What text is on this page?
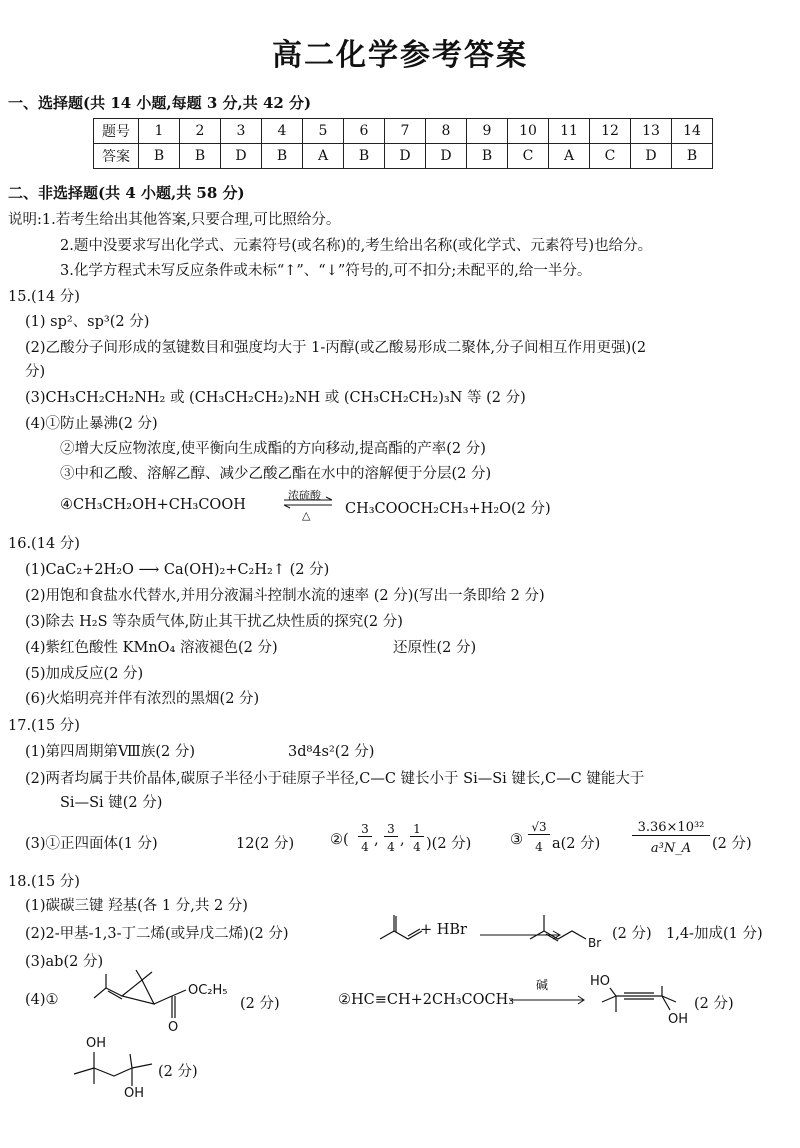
高二化学参考答案
一、选择题(共 14 小题,每题 3 分,共 42 分)
题号	1	2	3	4	5	6	7	8	9	10	11	12	13	14
答案	B	B	D	B	A	B	D	D	B	C	A	C	D	B
二、非选择题(共 4 小题,共 58 分)
说明:1.若考生给出其他答案,只要合理,可比照给分。
2.题中没要求写出化学式、元素符号(或名称)的,考生给出名称(或化学式、元素符号)也给分。
3.化学方程式未写反应条件或未标“↑”、“↓”符号的,可不扣分;未配平的,给一半分。
15.(14 分)
(1) sp²、sp³(2 分)
(2)乙酸分子间形成的氢键数目和强度均大于 1-丙醇(或乙酸易形成二聚体,分子间相互作用更强)(2
分)
(3)CH₃CH₂CH₂NH₂ 或 (CH₃CH₂CH₂)₂NH 或 (CH₃CH₂CH₂)₃N 等 (2 分)
(4)①防止暴沸(2 分)
②增大反应物浓度,使平衡向生成酯的方向移动,提高酯的产率(2 分)
③中和乙酸、溶解乙醇、减少乙酸乙酯在水中的溶解便于分层(2 分)
④CH₃CH₂OH+CH₃COOH
浓硫酸
△ CH₃COOCH₂CH₃+H₂O(2 分)
16.(14 分)
(1)CaC₂+2H₂O ⟶ Ca(OH)₂+C₂H₂↑ (2 分)
(2)用饱和食盐水代替水,并用分液漏斗控制水流的速率 (2 分)(写出一条即给 2 分)
(3)除去 H₂S 等杂质气体,防止其干扰乙炔性质的探究(2 分)
(4)紫红色酸性 KMnO₄ 溶液褪色(2 分)	还原性(2 分)
(5)加成反应(2 分)
(6)火焰明亮并伴有浓烈的黑烟(2 分)
17.(15 分)
(1)第四周期第Ⅷ族(2 分)	3d⁸4s²(2 分)
(2)两者均属于共价晶体,碳原子半径小于硅原子半径,C—C 键长小于 Si—Si 键长,C—C 键能大于
Si—Si 键(2 分)
(3)①正四面体(1 分)	12(2 分) ②(
3
4 ,
3
4 ,
1
4 )(2 分)	③
√3
4 a(2 分)
3.36×10³²
a³N_A	(2 分)
18.(15 分)
(1)碳碳三键 羟基(各 1 分,共 2 分)
(2)2-甲基-1,3-丁二烯(或异戊二烯)(2 分)	+ HBr
Br
(2 分) 1,4-加成(1 分)
(3)ab(2 分)
(4)①
OC₂H₅
O
(2 分)	②HC≡CH+2CH₃COCH₃
碱	HO
OH
(2 分)
OH
OH
(2 分)
